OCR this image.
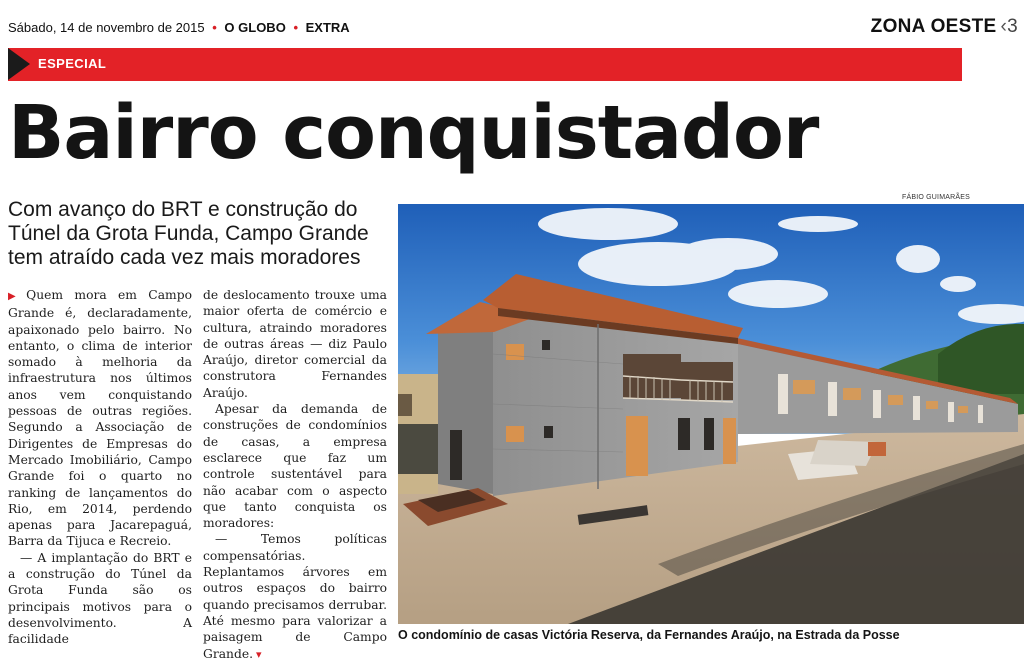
Sábado, 14 de novembro de 2015 • O GLOBO • EXTRA	ZONA OESTE ‹3
ESPECIAL
Bairro conquistador
Com avanço do BRT e construção do Túnel da Grota Funda, Campo Grande tem atraído cada vez mais moradores

▶ Quem mora em Campo Grande é, declaradamente, apaixonado pelo bairro. No entanto, o clima de interior somado à melhoria da infraestrutura nos últimos anos vem conquistando pessoas de outras regiões. Segundo a Associação de Dirigentes de Empresas do Mercado Imobiliário, Campo Grande foi o quarto no ranking de lançamentos do Rio, em 2014, perdendo apenas para Jacarepaguá, Barra da Tijuca e Recreio.

— A implantação do BRT e a construção do Túnel da Grota Funda são os principais motivos para o desenvolvimento. A facilidade

de deslocamento trouxe uma maior oferta de comércio e cultura, atraindo moradores de outras áreas — diz Paulo Araújo, diretor comercial da construtora Fernandes Araújo.

Apesar da demanda de construções de condomínios de casas, a empresa esclarece que faz um controle sustentável para não acabar com o aspecto que tanto conquista os moradores:

— Temos políticas compensatórias. Replantamos árvores em outros espaços do bairro quando precisamos derrubar. Até mesmo para valorizar a paisagem de Campo Grande. ▾

FÁBIO GUIMARÃES
O condomínio de casas Victória Reserva, da Fernandes Araújo, na Estrada da Posse
